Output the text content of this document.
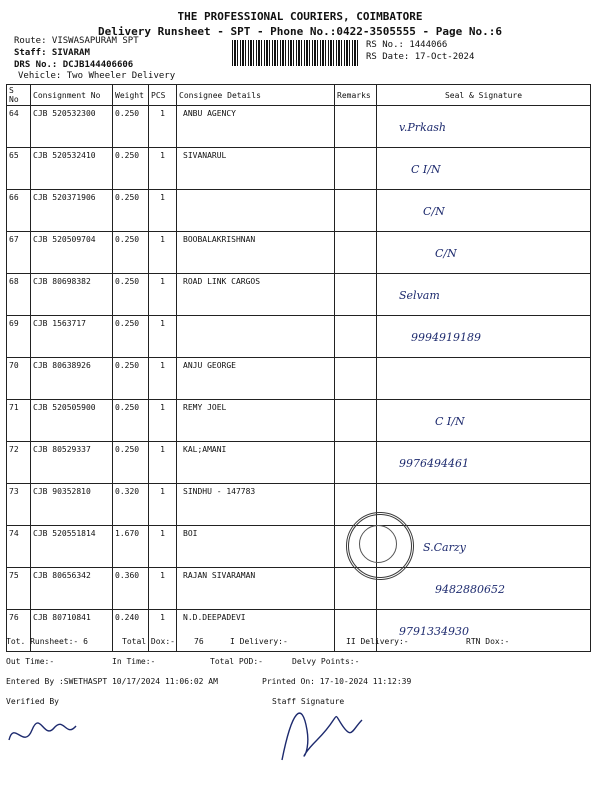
THE PROFESSIONAL COURIERS, COIMBATORE
Delivery Runsheet - SPT - Phone No.:0422-3505555 - Page No.:6
Route: VISWASAPURAM SPT
Staff: SIVARAM
DRS No.: DCJB144406606
Vehicle: Two Wheeler Delivery
RS No.: 1444066
RS Date: 17-Oct-2024
S No	Consignment No	Weight	PCS	Consignee Details	Remarks	Seal & Signature
64	CJB 520532300	0.250	1	ANBU AGENCY		v.Prkash
65	CJB 520532410	0.250	1	SIVANARUL		C I/N
66	CJB 520371906	0.250	1			C/N
67	CJB 520509704	0.250	1	BOOBALAKRISHNAN		C/N
68	CJB 80698382	0.250	1	ROAD LINK CARGOS		Selvam
69	CJB 1563717	0.250	1			9994919189
70	CJB 80638926	0.250	1	ANJU GEORGE		
71	CJB 520505900	0.250	1	REMY JOEL		C I/N
72	CJB 80529337	0.250	1	KAL;AMANI		9976494461
73	CJB 90352810	0.320	1	SINDHU - 147783		
74	CJB 520551814	1.670	1	BOI		S.Carzy
75	CJB 80656342	0.360	1	RAJAN SIVARAMAN		9482880652
76	CJB 80710841	0.240	1	N.D.DEEPADEVI		9791334930
Tot. Runsheet:- 6	Total Dox:- 76	I Delivery:-	II Delivery:-	RTN Dox:-
Out Time:-	In Time:-	Total POD:-	Delvy Points:-
Entered By :SWETHASPT 10/17/2024 11:06:02 AM	Printed On: 17-10-2024 11:12:39
Verified By	Staff Signature
